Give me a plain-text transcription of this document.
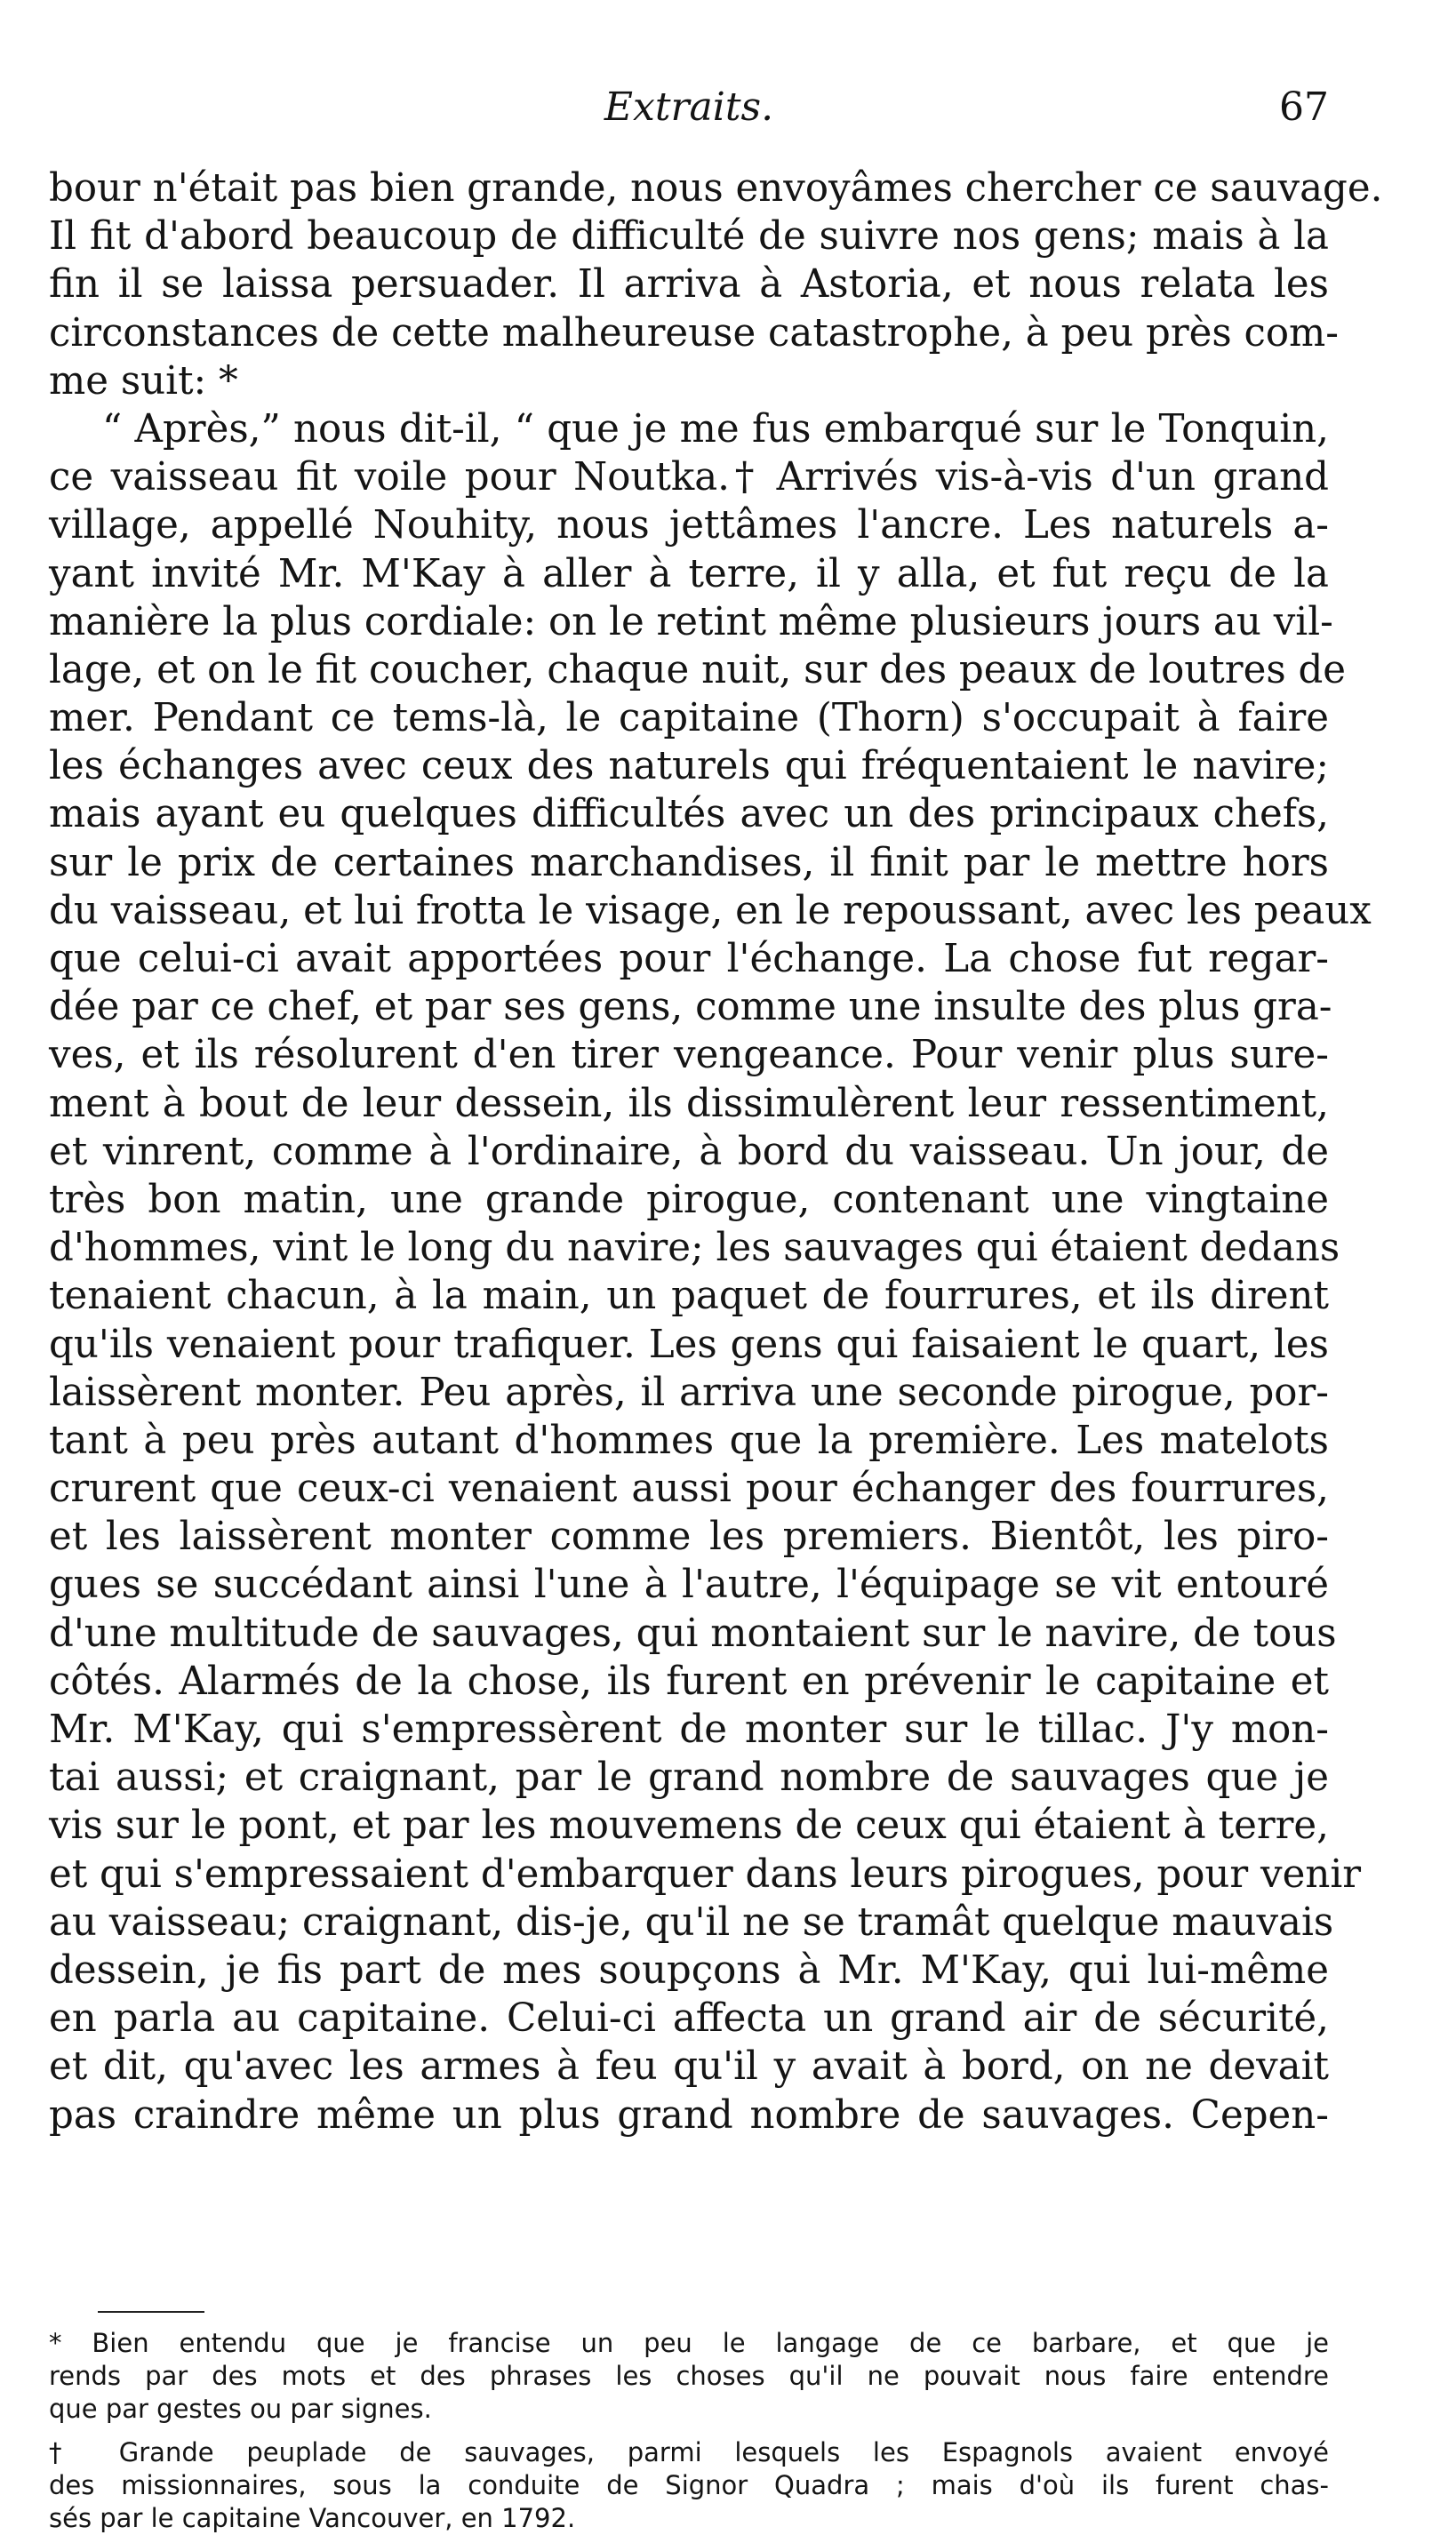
Extraits.	67
bour n'était pas bien grande, nous envoyâmes chercher ce sauvage.
Il fit d'abord beaucoup de difficulté de suivre nos gens; mais à la
fin il se laissa persuader. Il arriva à Astoria, et nous relata les
circonstances de cette malheureuse catastrophe, à peu près com-
me suit: *
“ Après,” nous dit-il, “ que je me fus embarqué sur le Tonquin,
ce vaisseau fit voile pour Noutka.† Arrivés vis-à-vis d'un grand
village, appellé Nouhity, nous jettâmes l'ancre. Les naturels a-
yant invité Mr. M'Kay à aller à terre, il y alla, et fut reçu de la
manière la plus cordiale: on le retint même plusieurs jours au vil-
lage, et on le fit coucher, chaque nuit, sur des peaux de loutres de
mer. Pendant ce tems-là, le capitaine (Thorn) s'occupait à faire
les échanges avec ceux des naturels qui fréquentaient le navire;
mais ayant eu quelques difficultés avec un des principaux chefs,
sur le prix de certaines marchandises, il finit par le mettre hors
du vaisseau, et lui frotta le visage, en le repoussant, avec les peaux
que celui-ci avait apportées pour l'échange. La chose fut regar-
dée par ce chef, et par ses gens, comme une insulte des plus gra-
ves, et ils résolurent d'en tirer vengeance. Pour venir plus sure-
ment à bout de leur dessein, ils dissimulèrent leur ressentiment,
et vinrent, comme à l'ordinaire, à bord du vaisseau. Un jour, de
très bon matin, une grande pirogue, contenant une vingtaine
d'hommes, vint le long du navire; les sauvages qui étaient dedans
tenaient chacun, à la main, un paquet de fourrures, et ils dirent
qu'ils venaient pour trafiquer. Les gens qui faisaient le quart, les
laissèrent monter. Peu après, il arriva une seconde pirogue, por-
tant à peu près autant d'hommes que la première. Les matelots
crurent que ceux-ci venaient aussi pour échanger des fourrures,
et les laissèrent monter comme les premiers. Bientôt, les piro-
gues se succédant ainsi l'une à l'autre, l'équipage se vit entouré
d'une multitude de sauvages, qui montaient sur le navire, de tous
côtés. Alarmés de la chose, ils furent en prévenir le capitaine et
Mr. M'Kay, qui s'empressèrent de monter sur le tillac. J'y mon-
tai aussi; et craignant, par le grand nombre de sauvages que je
vis sur le pont, et par les mouvemens de ceux qui étaient à terre,
et qui s'empressaient d'embarquer dans leurs pirogues, pour venir
au vaisseau; craignant, dis-je, qu'il ne se tramât quelque mauvais
dessein, je fis part de mes soupçons à Mr. M'Kay, qui lui-même
en parla au capitaine. Celui-ci affecta un grand air de sécurité,
et dit, qu'avec les armes à feu qu'il y avait à bord, on ne devait
pas craindre même un plus grand nombre de sauvages. Cepen-
* Bien entendu que je francise un peu le langage de ce barbare, et que je
rends par des mots et des phrases les choses qu'il ne pouvait nous faire entendre
que par gestes ou par signes.
† Grande peuplade de sauvages, parmi lesquels les Espagnols avaient envoyé
des missionnaires, sous la conduite de Signor Quadra ; mais d'où ils furent chas-
sés par le capitaine Vancouver, en 1792.
